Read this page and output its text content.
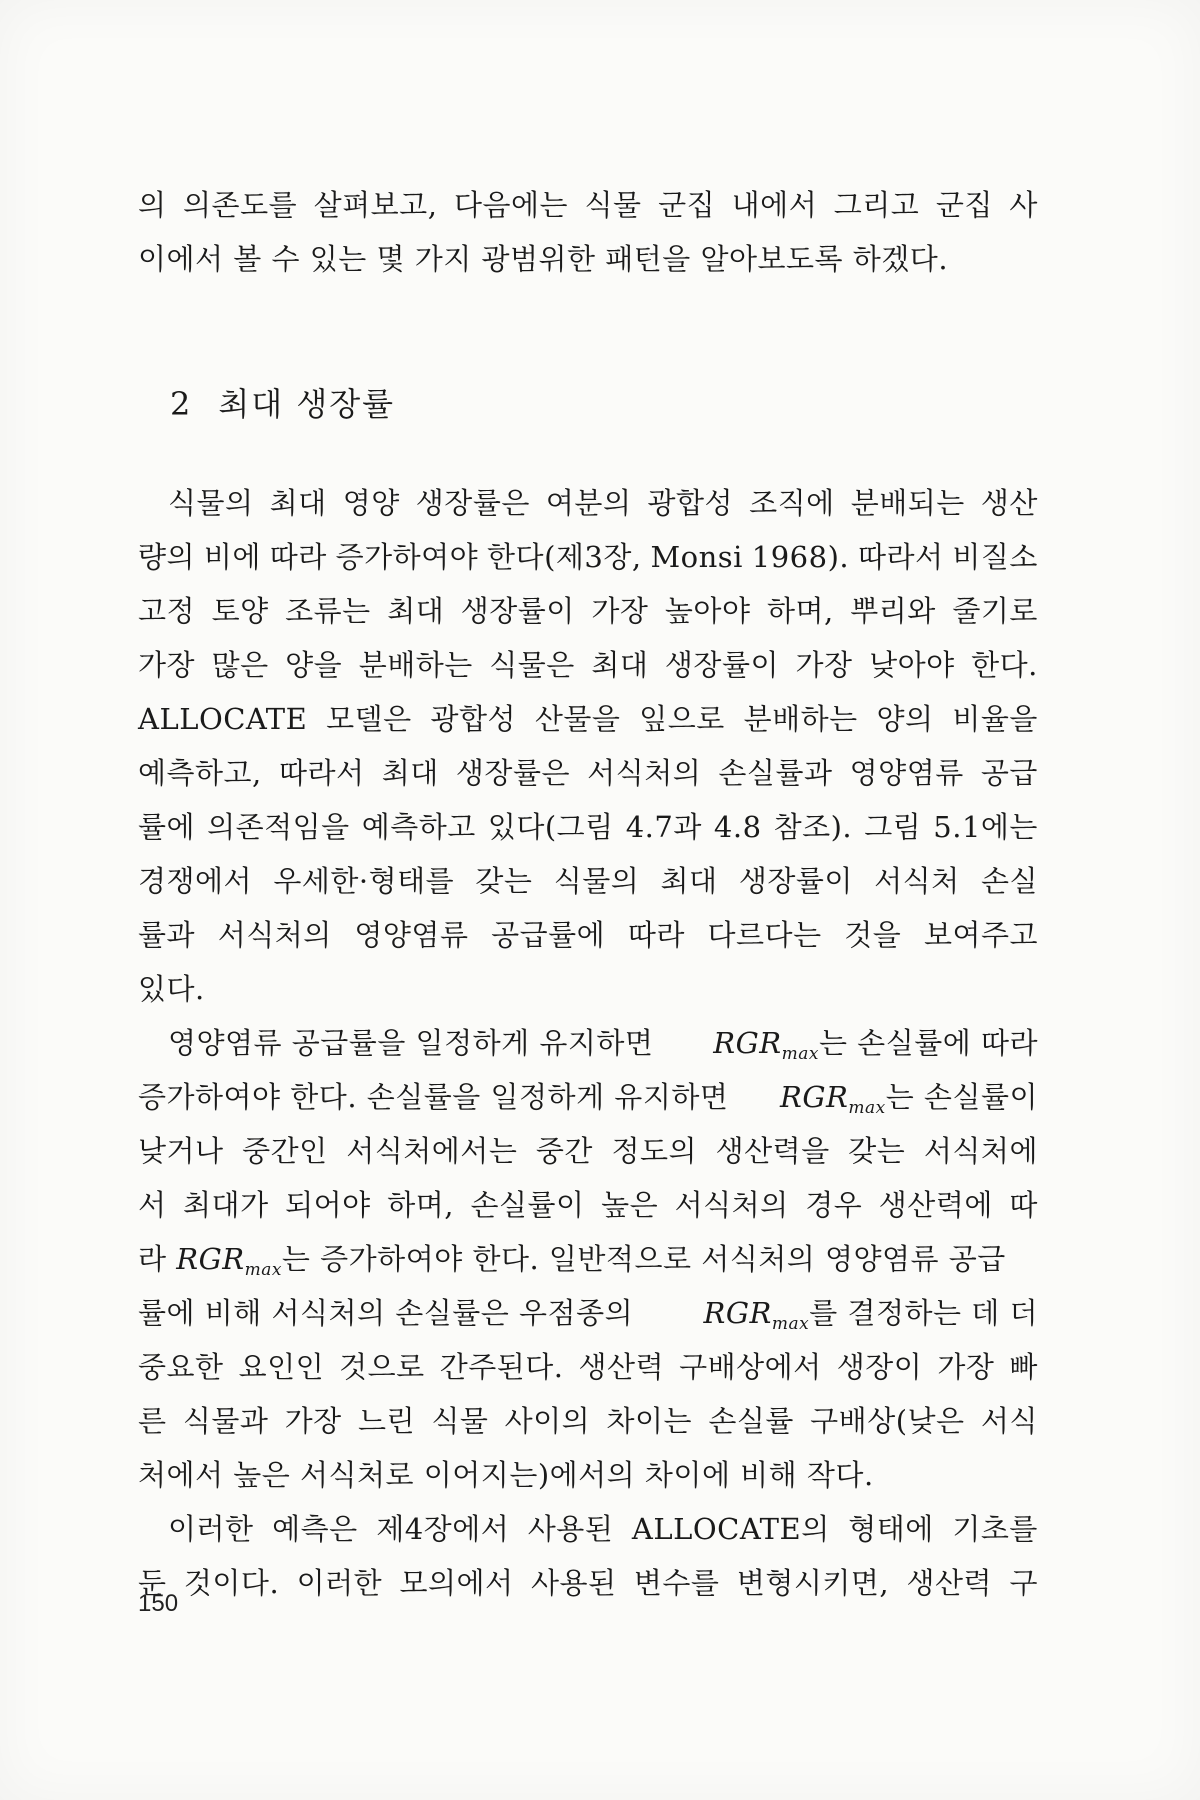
의 의존도를 살펴보고, 다음에는 식물 군집 내에서 그리고 군집 사
이에서 볼 수 있는 몇 가지 광범위한 패턴을 알아보도록 하겠다.
2 최대 생장률
식물의 최대 영양 생장률은 여분의 광합성 조직에 분배되는 생산
량의 비에 따라 증가하여야 한다(제3장, Monsi 1968). 따라서 비질소
고정 토양 조류는 최대 생장률이 가장 높아야 하며, 뿌리와 줄기로
가장 많은 양을 분배하는 식물은 최대 생장률이 가장 낮아야 한다.
ALLOCATE 모델은 광합성 산물을 잎으로 분배하는 양의 비율을
예측하고, 따라서 최대 생장률은 서식처의 손실률과 영양염류 공급
률에 의존적임을 예측하고 있다(그림 4.7과 4.8 참조). 그림 5.1에는
경쟁에서 우세한·형태를 갖는 식물의 최대 생장률이 서식처 손실
률과 서식처의 영양염류 공급률에 따라 다르다는 것을 보여주고
있다.
영양염류 공급률을 일정하게 유지하면 $RGR_{max}$는 손실률에 따라
증가하여야 한다. 손실률을 일정하게 유지하면 $RGR_{max}$는 손실률이
낮거나 중간인 서식처에서는 중간 정도의 생산력을 갖는 서식처에
서 최대가 되어야 하며, 손실률이 높은 서식처의 경우 생산력에 따
라 $RGR_{max}$는 증가하여야 한다. 일반적으로 서식처의 영양염류 공급
률에 비해 서식처의 손실률은 우점종의 $RGR_{max}$를 결정하는 데 더
중요한 요인인 것으로 간주된다. 생산력 구배상에서 생장이 가장 빠
른 식물과 가장 느린 식물 사이의 차이는 손실률 구배상(낮은 서식
처에서 높은 서식처로 이어지는)에서의 차이에 비해 작다.
이러한 예측은 제4장에서 사용된 ALLOCATE의 형태에 기초를
둔 것이다. 이러한 모의에서 사용된 변수를 변형시키면, 생산력 구
150
